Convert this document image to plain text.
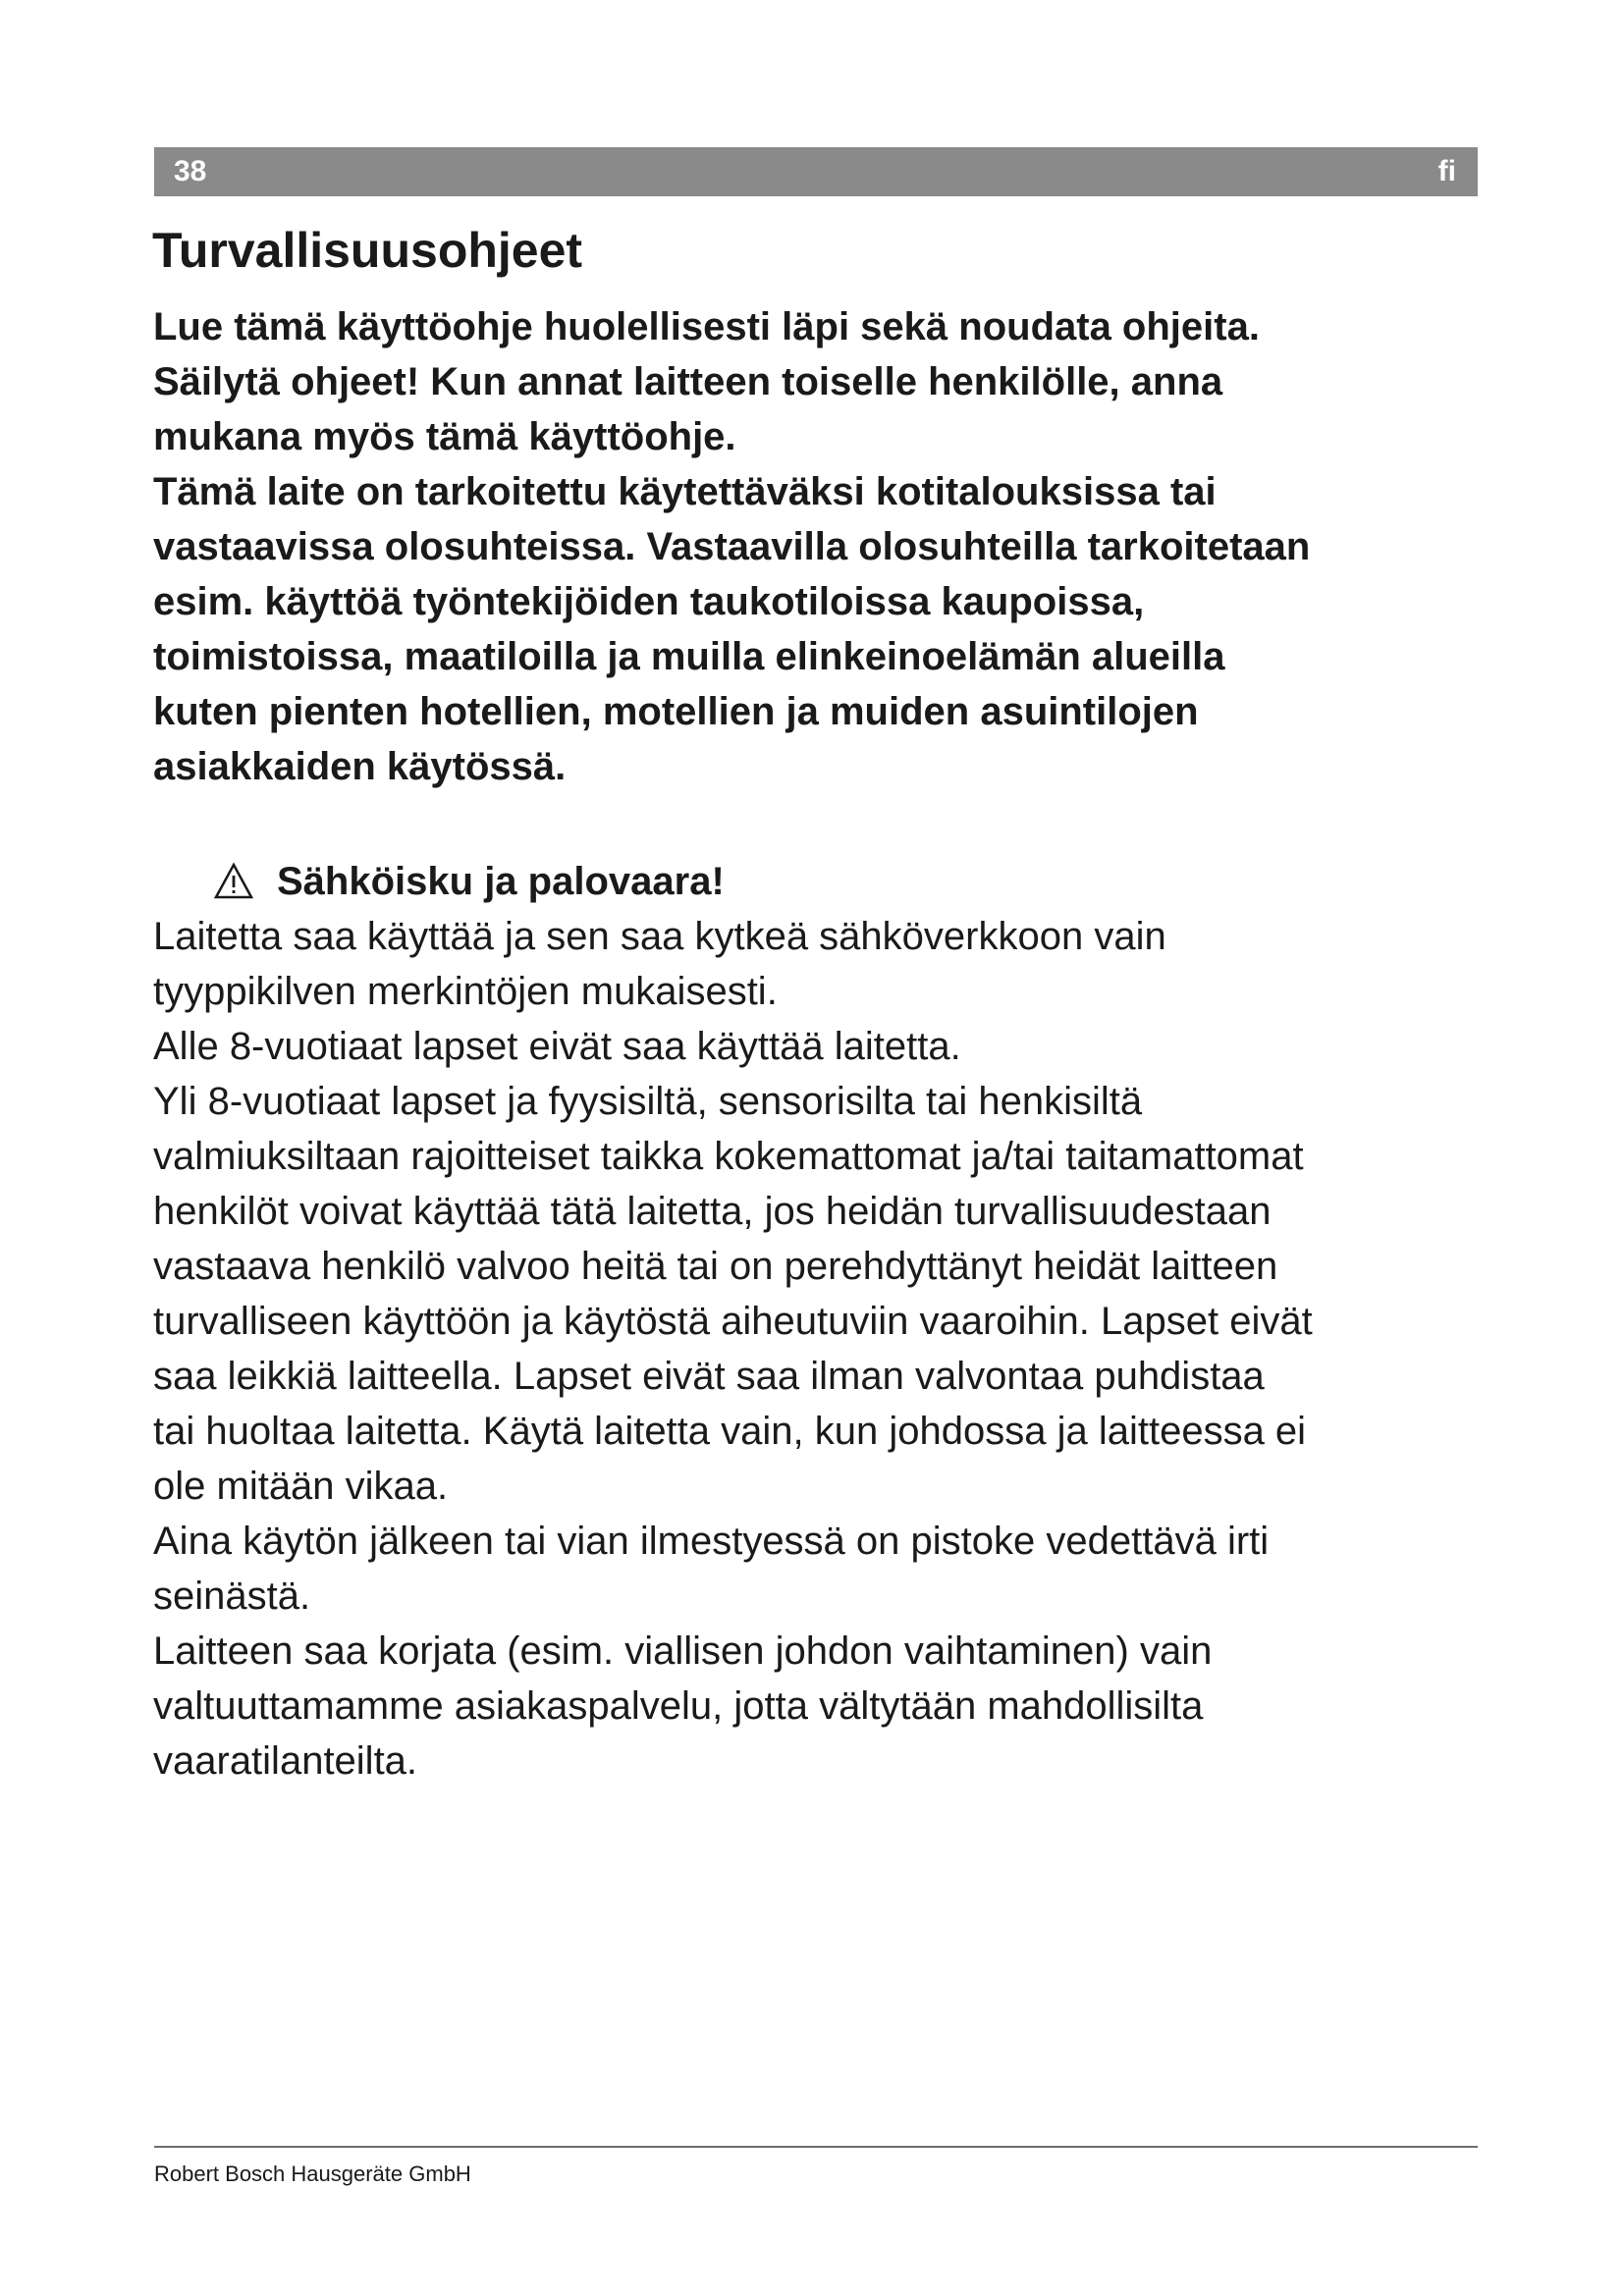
38	fi
Turvallisuusohjeet

Lue tämä käyttöohje huolellisesti läpi sekä noudata ohjeita.

Säilytä ohjeet! Kun annat laitteen toiselle henkilölle, anna

mukana myös tämä käyttöohje.

Tämä laite on tarkoitettu käytettäväksi kotitalouksissa tai

vastaavissa olosuhteissa. Vastaavilla olosuhteilla tarkoitetaan

esim. käyttöä työntekijöiden taukotiloissa kaupoissa,

toimistoissa, maatiloilla ja muilla elinkeinoelämän alueilla

kuten pienten hotellien, motellien ja muiden asuintilojen

asiakkaiden käytössä.

Sähköisku ja palovaara!

Laitetta saa käyttää ja sen saa kytkeä sähköverkkoon vain

tyyppikilven merkintöjen mukaisesti.

Alle 8-vuotiaat lapset eivät saa käyttää laitetta.

Yli 8-vuotiaat lapset ja fyysisiltä, sensorisilta tai henkisiltä

valmiuksiltaan rajoitteiset taikka kokemattomat ja/tai taitamattomat

henkilöt voivat käyttää tätä laitetta, jos heidän turvallisuudestaan

vastaava henkilö valvoo heitä tai on perehdyttänyt heidät laitteen

turvalliseen käyttöön ja käytöstä aiheutuviin vaaroihin. Lapset eivät

saa leikkiä laitteella. Lapset eivät saa ilman valvontaa puhdistaa

tai huoltaa laitetta. Käytä laitetta vain, kun johdossa ja laitteessa ei

ole mitään vikaa.

Aina käytön jälkeen tai vian ilmestyessä on pistoke vedettävä irti

seinästä.

Laitteen saa korjata (esim. viallisen johdon vaihtaminen) vain

valtuuttamamme asiakaspalvelu, jotta vältytään mahdollisilta

vaaratilanteilta.

Robert Bosch Hausgeräte GmbH
